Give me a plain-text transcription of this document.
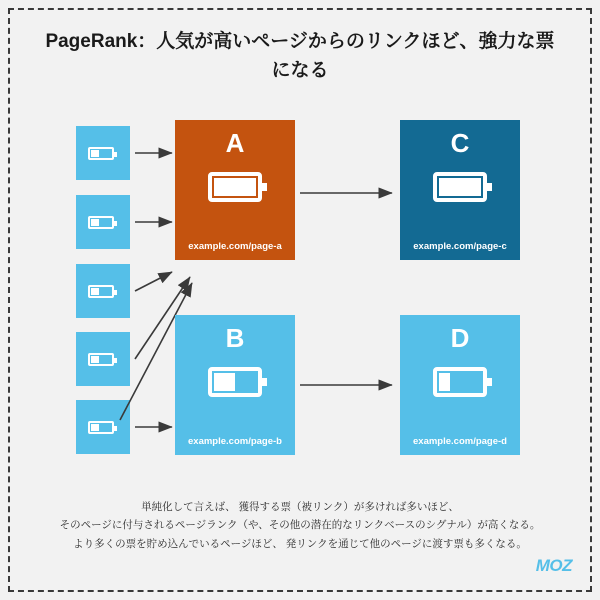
PageRank：人気が高いページからのリンクほど、強力な票になる
A
example.com/page-a
C
example.com/page-c
B
example.com/page-b
D
example.com/page-d
単純化して言えば、 獲得する票（被リンク）が多ければ多いほど、
そのページに付与されるページランク（や、その他の潜在的なリンクベースのシグナル）が高くなる。
より多くの票を貯め込んでいるページほど、 発リンクを通じて他のページに渡す票も多くなる。
MOZ
